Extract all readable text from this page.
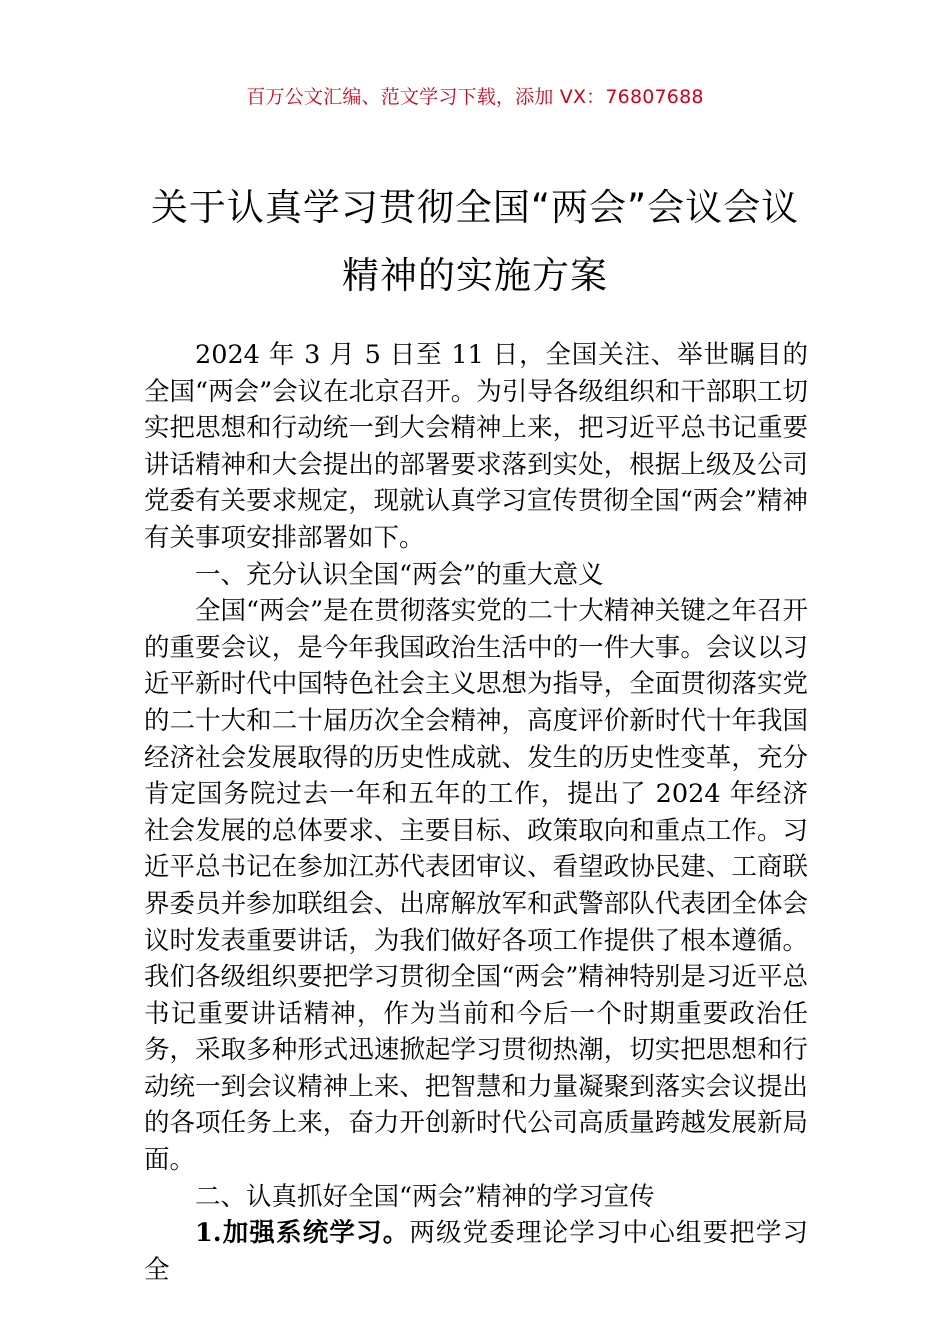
百万公文汇编、范文学习下载，添加 VX：76807688
关于认真学习贯彻全国“两会”会议会议
精神的实施方案

2024 年 3 月 5 日至 11 日，全国关注、举世瞩目的全国“两会”会议在北京召开。为引导各级组织和干部职工切实把思想和行动统一到大会精神上来，把习近平总书记重要讲话精神和大会提出的部署要求落到实处，根据上级及公司党委有关要求规定，现就认真学习宣传贯彻全国“两会”精神有关事项安排部署如下。

一、充分认识全国“两会”的重大意义

全国“两会”是在贯彻落实党的二十大精神关键之年召开的重要会议，是今年我国政治生活中的一件大事。会议以习近平新时代中国特色社会主义思想为指导，全面贯彻落实党的二十大和二十届历次全会精神，高度评价新时代十年我国经济社会发展取得的历史性成就、发生的历史性变革，充分肯定国务院过去一年和五年的工作，提出了 2024 年经济社会发展的总体要求、主要目标、政策取向和重点工作。习近平总书记在参加江苏代表团审议、看望政协民建、工商联界委员并参加联组会、出席解放军和武警部队代表团全体会议时发表重要讲话，为我们做好各项工作提供了根本遵循。我们各级组织要把学习贯彻全国“两会”精神特别是习近平总书记重要讲话精神，作为当前和今后一个时期重要政治任务，采取多种形式迅速掀起学习贯彻热潮，切实把思想和行动统一到会议精神上来、把智慧和力量凝聚到落实会议提出的各项任务上来，奋力开创新时代公司高质量跨越发展新局面。

二、认真抓好全国“两会”精神的学习宣传

1.加强系统学习。两级党委理论学习中心组要把学习全
